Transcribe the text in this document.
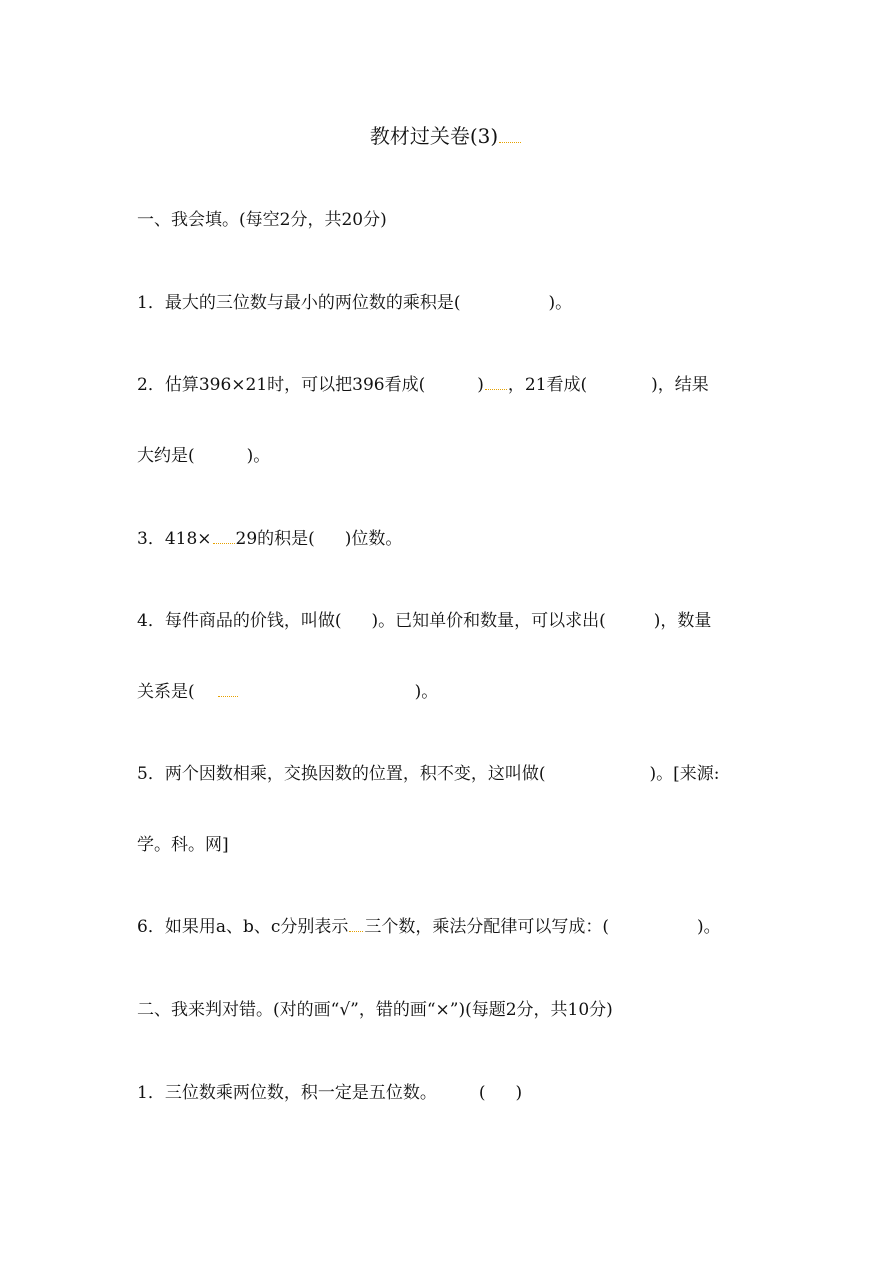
教材过关卷(3)
一、我会填。(每空2分，共20分)
1．最大的三位数与最小的两位数的乘积是(	)。
2．估算396×21时，可以把396看成(	) ，21看成(	)，结果
大约是(	)。
3．418× 29的积是( )位数。
4．每件商品的价钱，叫做( )。已知单价和数量，可以求出(	)，数量
关系是(	)。
5．两个因数相乘，交换因数的位置，积不变，这叫做(	)。[来源:
学。科。网]
6．如果用a、b、c分别表示 三个数，乘法分配律可以写成：(	)。
二、我来判对错。(对的画“√”，错的画“×”)(每题2分，共10分)
1．三位数乘两位数，积一定是五位数。 ( )
